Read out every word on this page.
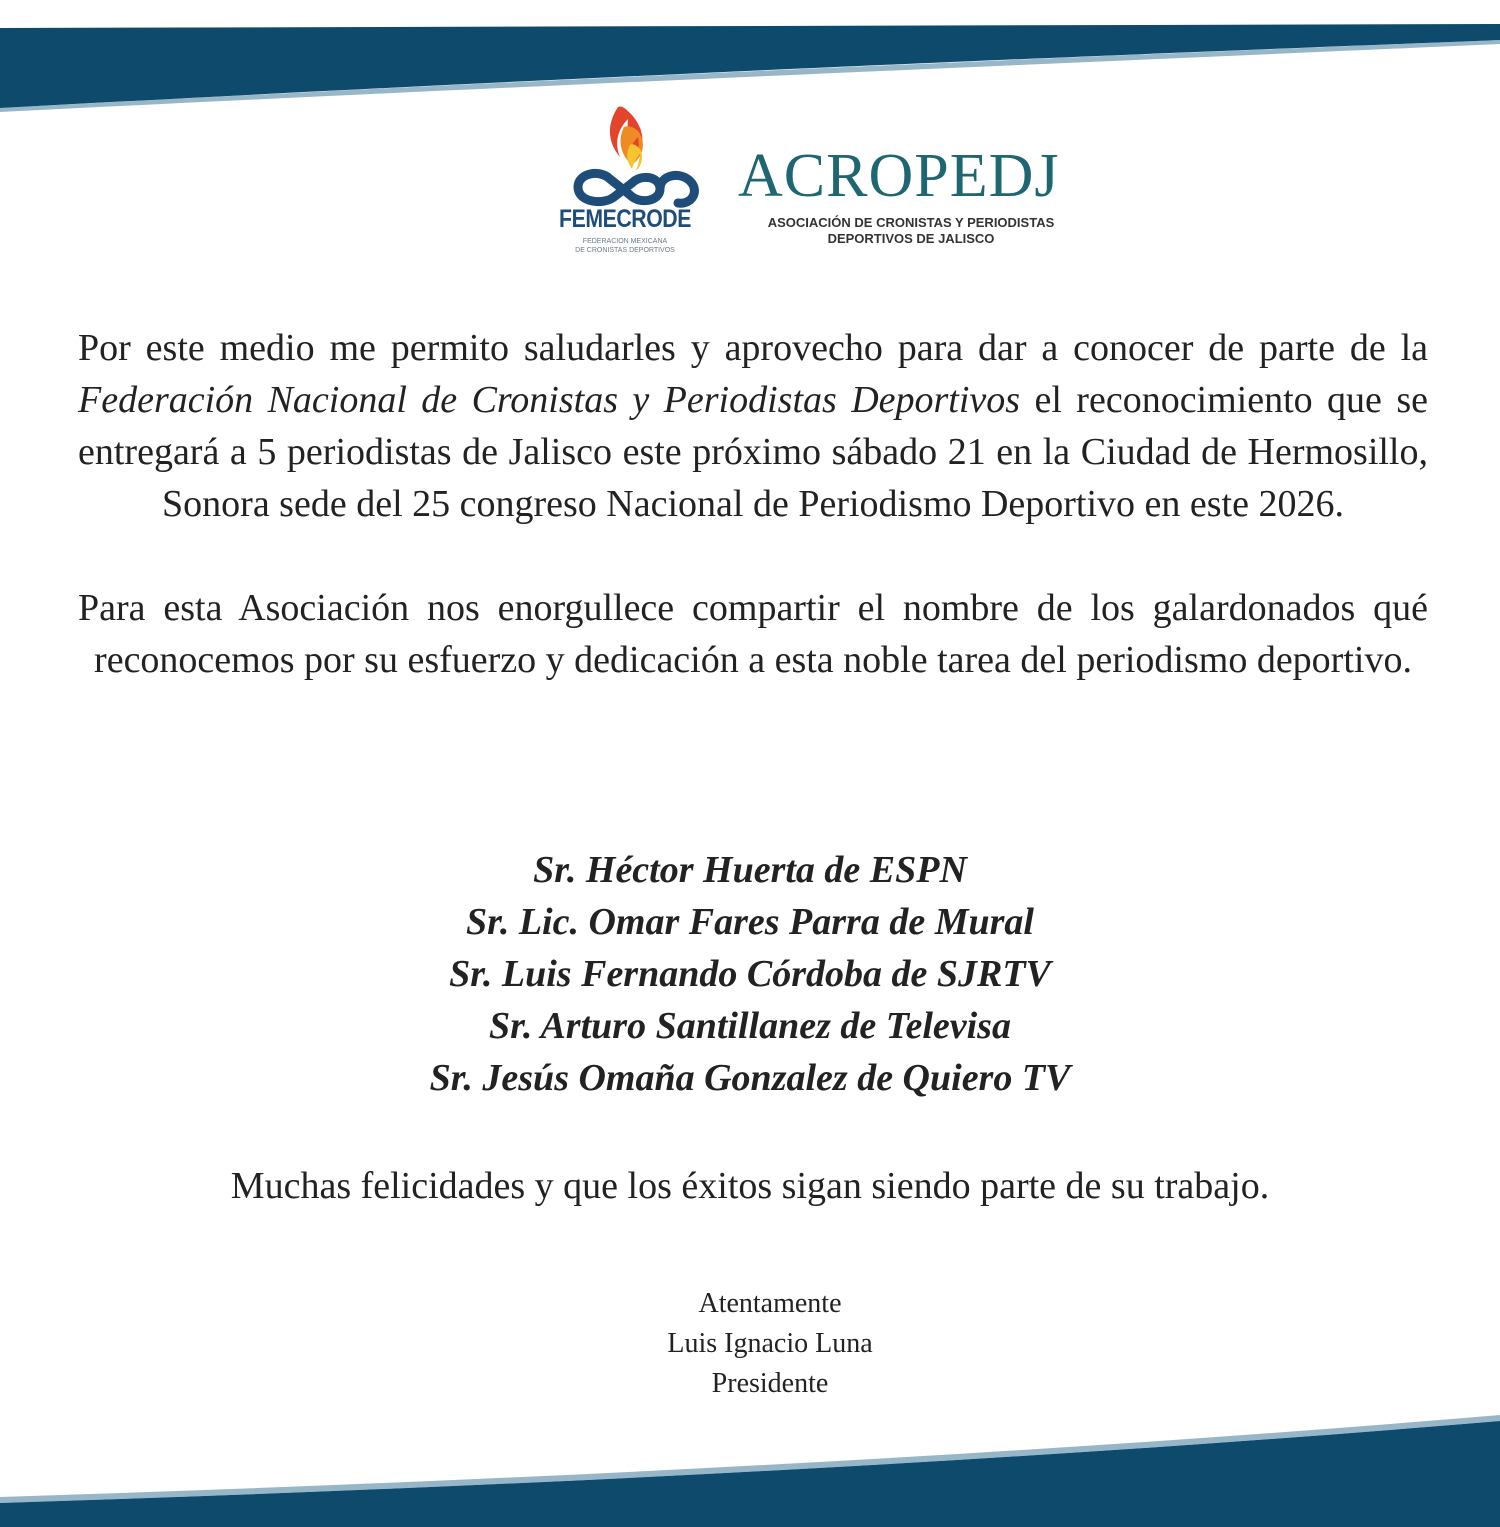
FEMECRODE
FEDERACION MEXICANA
DE CRONISTAS DEPORTIVOS
ACROPEDJ
ASOCIACIÓN DE CRONISTAS Y PERIODISTAS
DEPORTIVOS DE JALISCO

Por este medio me permito saludarles y aprovecho para dar a conocer de parte de la Federación Nacional de Cronistas y Periodistas Deportivos el reconocimiento que se entregará a 5 periodistas de Jalisco este próximo sábado 21 en la Ciudad de Hermosillo, Sonora sede del 25 congreso Nacional de Periodismo Deportivo en este 2026.

Para esta Asociación nos enorgullece compartir el nombre de los galardonados qué reconocemos por su esfuerzo y dedicación a esta noble tarea del periodismo deportivo.

Sr. Héctor Huerta de ESPN
Sr. Lic. Omar Fares Parra de Mural
Sr. Luis Fernando Córdoba de SJRTV
Sr. Arturo Santillanez de Televisa
Sr. Jesús Omaña Gonzalez de Quiero TV
Muchas felicidades y que los éxitos sigan siendo parte de su trabajo.
Atentamente
Luis Ignacio Luna
Presidente
